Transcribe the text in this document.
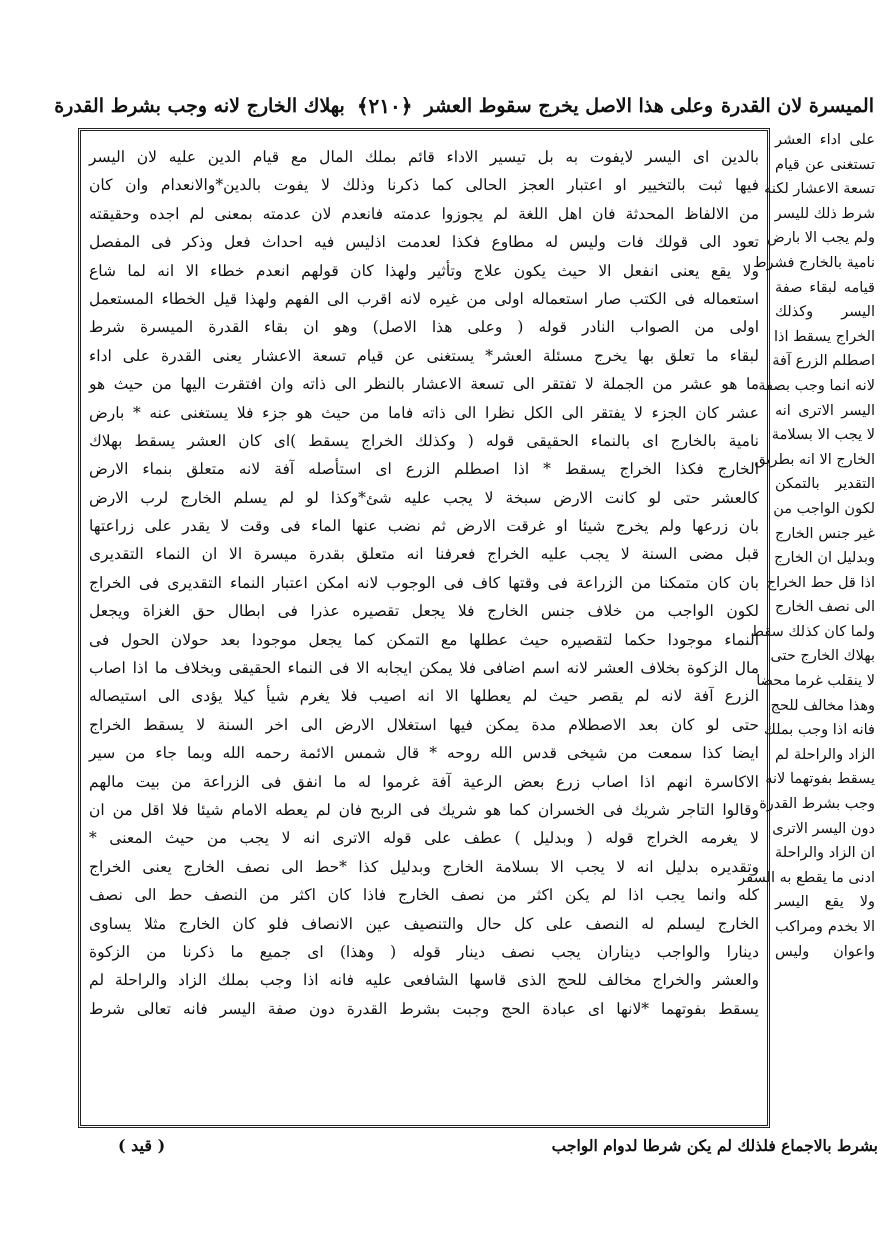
الميسرة لان القدرة
وعلى هذا الاصل يخرج سقوط العشر
﴿٢١٠﴾
بهلاك الخارج لانه وجب بشرط القدرة
على اداء العشر
تستغنى عن قيام
تسعة الاعشار لكنه
شرط ذلك لليسر
ولم يجب الا بارض
نامية بالخارج فشرط
قيامه لبقاء صفة
اليسر وكذلك
الخراج يسقط اذا
اصطلم الزرع آفة
لانه انما وجب بصفة
اليسر الاترى انه
لا يجب الا بسلامة
الخارج الا انه بطريق
التقدير بالتمكن
لكون الواجب من
غير جنس الخارج
وبدليل ان الخارج
اذا قل حط الخراج
الى نصف الخارج
ولما كان كذلك سقط
بهلاك الخارج حتى
لا ينقلب غرما محضا
وهذا مخالف للحج
فانه اذا وجب بملك
الزاد والراحلة لم
يسقط بفوتهما لانه
وجب بشرط القدرة
دون اليسر الاترى
ان الزاد والراحلة
ادنى ما يقطع به السفر
ولا يقع اليسر
الا بخدم ومراكب
واعوان وليس
بالدين اى اليسر لايفوت به بل تيسير الاداء قائم بملك المال مع قيام الدين عليه لان اليسر
فيها ثبت بالتخيير او اعتبار العجز الحالى كما ذكرنا وذلك لا يفوت بالدين*والانعدام وان كان
من الالفاظ المحدثة فان اهل اللغة لم يجوزوا عدمته فانعدم لان عدمته بمعنى لم اجده وحقيقته
تعود الى قولك فات وليس له مطاوع فكذا لعدمت اذليس فيه احداث فعل وذكر فى المفصل
ولا يقع يعنى انفعل الا حيث يكون علاج وتأثير ولهذا كان قولهم انعدم خطاء الا انه لما شاع
استعماله فى الكتب صار استعماله اولى من غيره لانه اقرب الى الفهم ولهذا قيل الخطاء المستعمل
اولى من الصواب النادر قوله ( وعلى هذا الاصل) وهو ان بقاء القدرة الميسرة شرط
لبقاء ما تعلق بها يخرج مسئلة العشر* يستغنى عن قيام تسعة الاعشار يعنى القدرة على اداء
ما هو عشر من الجملة لا تفتقر الى تسعة الاعشار بالنظر الى ذاته وان افتقرت اليها من حيث هو
عشر كان الجزء لا يفتقر الى الكل نظرا الى ذاته فاما من حيث هو جزء فلا يستغنى عنه * بارض
نامية بالخارج اى بالنماء الحقيقى قوله ( وكذلك الخراج يسقط )اى كان العشر يسقط بهلاك
الخارج فكذا الخراج يسقط * اذا اصطلم الزرع اى استأصله آفة لانه متعلق بنماء الارض
كالعشر حتى لو كانت الارض سبخة لا يجب عليه شئ*وكذا لو لم يسلم الخارج لرب الارض
بان زرعها ولم يخرج شيئا او غرقت الارض ثم نضب عنها الماء فى وقت لا يقدر على زراعتها
قبل مضى السنة لا يجب عليه الخراج فعرفنا انه متعلق بقدرة ميسرة الا ان النماء التقديرى
بان كان متمكنا من الزراعة فى وقتها كاف فى الوجوب لانه امكن اعتبار النماء التقديرى فى الخراج
لكون الواجب من خلاف جنس الخارج فلا يجعل تقصيره عذرا فى ابطال حق الغزاة ويجعل
النماء موجودا حكما لتقصيره حيث عطلها مع التمكن كما يجعل موجودا بعد حولان الحول فى
مال الزكوة بخلاف العشر لانه اسم اضافى فلا يمكن ايجابه الا فى النماء الحقيقى وبخلاف ما اذا اصاب
الزرع آفة لانه لم يقصر حيث لم يعطلها الا انه اصيب فلا يغرم شيأ كيلا يؤدى الى استيصاله
حتى لو كان بعد الاصطلام مدة يمكن فيها استغلال الارض الى اخر السنة لا يسقط الخراج
ايضا كذا سمعت من شيخى قدس الله روحه * قال شمس الائمة رحمه الله وبما جاء من سير
الاكاسرة انهم اذا اصاب زرع بعض الرعية آفة غرموا له ما انفق فى الزراعة من بيت مالهم
وقالوا التاجر شريك فى الخسران كما هو شريك فى الربح فان لم يعطه الامام شيئا فلا اقل من ان
لا يغرمه الخراج قوله ( وبدليل ) عطف على قوله الاترى انه لا يجب من حيث المعنى *
وتقديره بدليل انه لا يجب الا بسلامة الخارج وبدليل كذا *حط الى نصف الخارج يعنى الخراج
كله وانما يجب اذا لم يكن اكثر من نصف الخارج فاذا كان اكثر من النصف حط الى نصف
الخارج ليسلم له النصف على كل حال والتنصيف عين الانصاف فلو كان الخارج مثلا يساوى
دينارا والواجب ديناران يجب نصف دينار قوله ( وهذا) اى جميع ما ذكرنا من الزكوة
والعشر والخراج مخالف للحج الذى قاسها الشافعى عليه فانه اذا وجب بملك الزاد والراحلة لم
يسقط بفوتهما *لانها اى عبادة الحج وجبت بشرط القدرة دون صفة اليسر فانه تعالى شرط
بشرط بالاجماع فلذلك لم يكن شرطا لدوام الواجب
( قيد )
